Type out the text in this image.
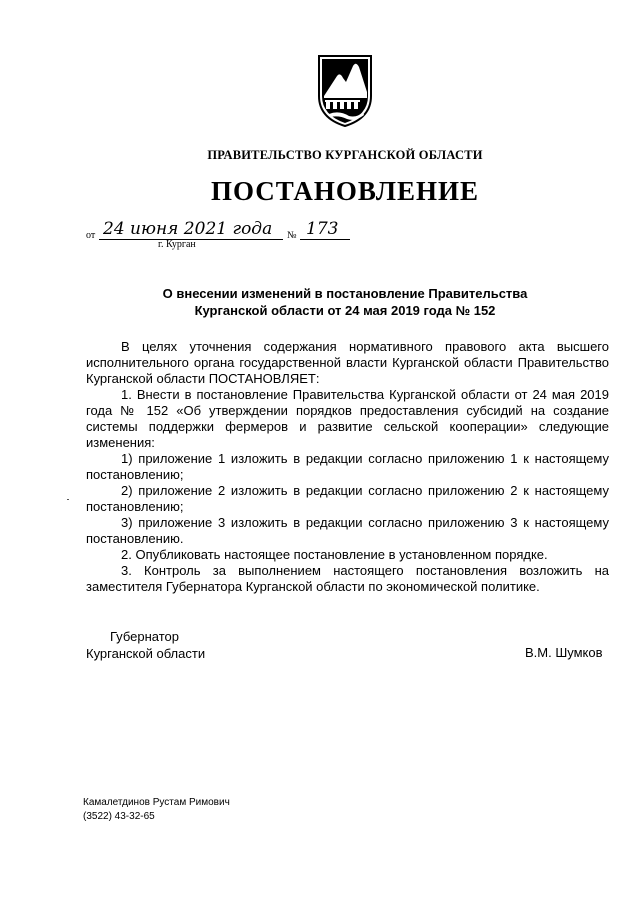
ПРАВИТЕЛЬСТВО КУРГАНСКОЙ ОБЛАСТИ
ПОСТАНОВЛЕНИЕ
от 24 июня 2021 года № 173
г. Курган
О внесении изменений в постановление Правительства
Курганской области от 24 мая 2019 года № 152

В целях уточнения содержания нормативного правового акта высшего исполнительного органа государственной власти Курганской области Правительство Курганской области ПОСТАНОВЛЯЕТ:

1. Внести в постановление Правительства Курганской области от 24 мая 2019 года № 152 «Об утверждении порядков предоставления субсидий на создание системы поддержки фермеров и развитие сельской кооперации» следующие изменения:

1) приложение 1 изложить в редакции согласно приложению 1 к настоящему постановлению;

2) приложение 2 изложить в редакции согласно приложению 2 к настоящему постановлению;

3) приложение 3 изложить в редакции согласно приложению 3 к настоящему постановлению.

2. Опубликовать настоящее постановление в установленном порядке.

3. Контроль за выполнением настоящего постановления возложить на заместителя Губернатора Курганской области по экономической политике.

Губернатор
Курганской области	В.М. Шумков
Камалетдинов Рустам Римович
(3522) 43-32-65
